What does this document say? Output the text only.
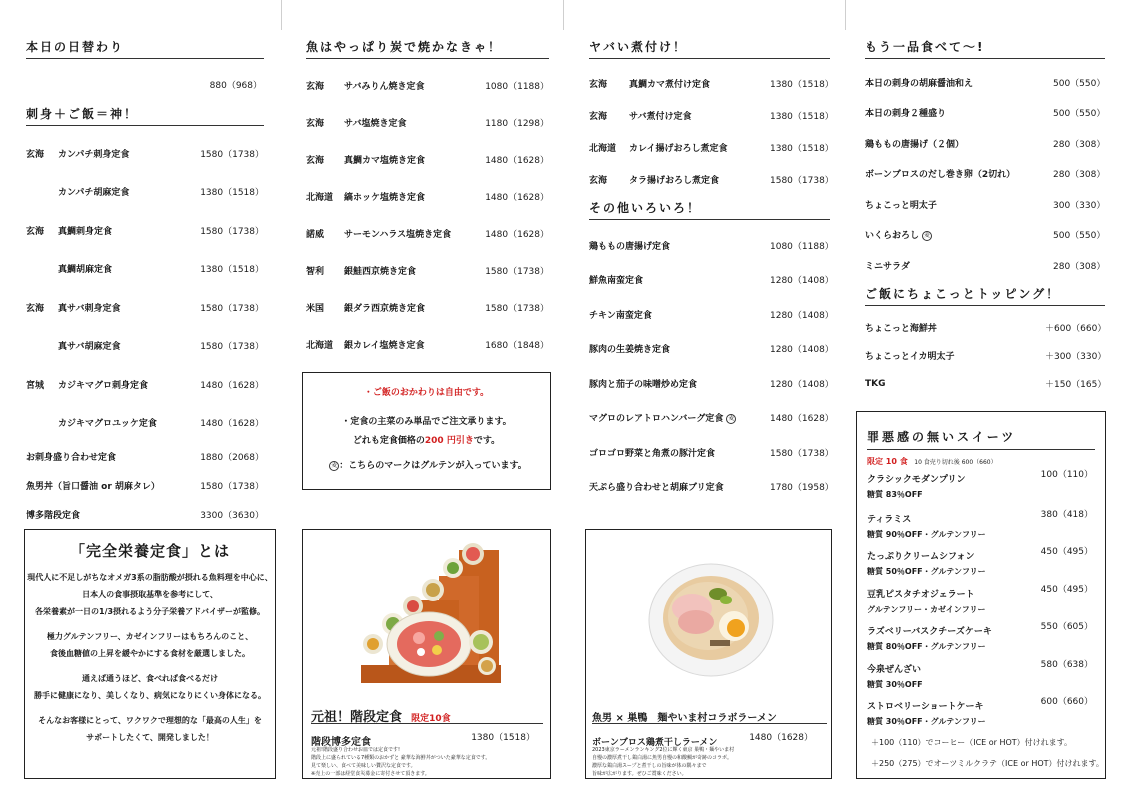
本日の日替わり
880（968）
刺身＋ご飯＝神！
玄海	カンパチ刺身定食	1580（1738）
カンパチ胡麻定食	1380（1518）
玄海	真鯛刺身定食	1580（1738）
真鯛胡麻定食	1380（1518）
玄海	真サバ刺身定食	1580（1738）
真サバ胡麻定食	1580（1738）
宮城	カジキマグロ刺身定食	1480（1628）
カジキマグロユッケ定食	1480（1628）
お刺身盛り合わせ定食	1880（2068）
魚男丼（旨口醤油 or 胡麻タレ）	1580（1738）
博多階段定食	3300（3630）
「完全栄養定食」とは
現代人に不足しがちなオメガ3系の脂肪酸が摂れる魚料理を中心に、
日本人の食事摂取基準を参考にして、
各栄養素が一日の1/3摂れるよう分子栄養アドバイザーが監修。
極力グルテンフリー、カゼインフリーはもちろんのこと、
食後血糖値の上昇を緩やかにする食材を厳選しました。
通えば通うほど、食べれば食べるだけ
勝手に健康になり、美しくなり、病気になりにくい身体になる。
そんなお客様にとって、ワクワクで理想的な「最高の人生」を
サポートしたくて、開発しました！
魚はやっぱり炭で焼かなきゃ！
玄海	サバみりん焼き定食	1080（1188）
玄海	サバ塩焼き定食	1180（1298）
玄海	真鯛カマ塩焼き定食	1480（1628）
北海道	縞ホッケ塩焼き定食	1480（1628）
諾威	サーモンハラス塩焼き定食	1480（1628）
智利	銀鮭西京焼き定食	1580（1738）
米国	銀ダラ西京焼き定食	1580（1738）
北海道	銀カレイ塩焼き定食	1680（1848）
・ご飯のおかわりは自由です。
・定食の主菜のみ単品でご注文承ります。
どれも定食価格の200 円引きです。
麦 ：こちらのマークはグルテンが入っています。
元祖！階段定食 限定10食
階段博多定食	1380（1518）
元祖!階段盛り合わせお皿では定食です!
階段上に盛られている7種類のおかずと 豪華な海鮮丼がついた豪華な定食です。
見て楽しい、食べて美味しい贅沢な定食です。
※売上の一部は経堂食災募金に寄付させて頂きます。
ヤバい煮付け！
玄海	真鯛カマ煮付け定食	1380（1518）
玄海	サバ煮付け定食	1380（1518）
北海道	カレイ揚げおろし煮定食	1380（1518）
玄海	タラ揚げおろし煮定食	1580（1738）
その他いろいろ！
鶏ももの唐揚げ定食	1080（1188）
鮮魚南蛮定食	1280（1408）
チキン南蛮定食	1280（1408）
豚肉の生姜焼き定食	1280（1408）
豚肉と茄子の味噌炒め定食	1280（1408）
マグロのレアトロハンバーグ定食 麦	1480（1628）
ゴロゴロ野菜と角煮の豚汁定食	1580（1738）
天ぷら盛り合わせと胡麻ブリ定食	1780（1958）
魚男 × 巣鴨　麺やいま村コラボラーメン
ボーンブロス鶏煮干しラーメン	1480（1628）
2023東京ラーメンランキング2位に輝く東京 巣鴨・麺やいま村
自慢の濃厚煮干し鶏白湯に魚男自慢の和酸鯛が奇跡のコラボ。
濃厚な鶏白湯スープと煮干しの旨味が体の隅々まで
旨味が広がります。ぜひご賞味ください。
もう一品食べて〜!
本日の刺身の胡麻醤油和え	500（550）
本日の刺身２種盛り	500（550）
鶏ももの唐揚げ（２個）	280（308）
ボーンブロスのだし巻き卵（2切れ）	280（308）
ちょこっと明太子	300（330）
いくらおろし 麦	500（550）
ミニサラダ	280（308）
ご飯にちょこっとトッピング！
ちょこっと海鮮丼	＋600（660）
ちょこっとイカ明太子	＋300（330）
TKG	＋150（165）
罪悪感の無いスイーツ
限定 10 食 10 食売り切れ後 600（660）
クラシックモダンプリン	100（110）
糖質 83％OFF
ティラミス	380（418）
糖質 90％OFF・グルテンフリー
たっぷりクリームシフォン	450（495）
糖質 50％OFF・グルテンフリー
豆乳ピスタチオジェラート	450（495）
グルテンフリー・カゼインフリー
ラズベリーバスクチーズケーキ	550（605）
糖質 80％OFF・グルテンフリー
今泉ぜんざい	580（638）
糖質 30％OFF
ストロベリーショートケーキ	600（660）
糖質 30％OFF・グルテンフリー
＋100（110）でコーヒー（ICE or HOT）付けれます。
＋250（275）でオーツミルクラテ（ICE or HOT）付けれます。
